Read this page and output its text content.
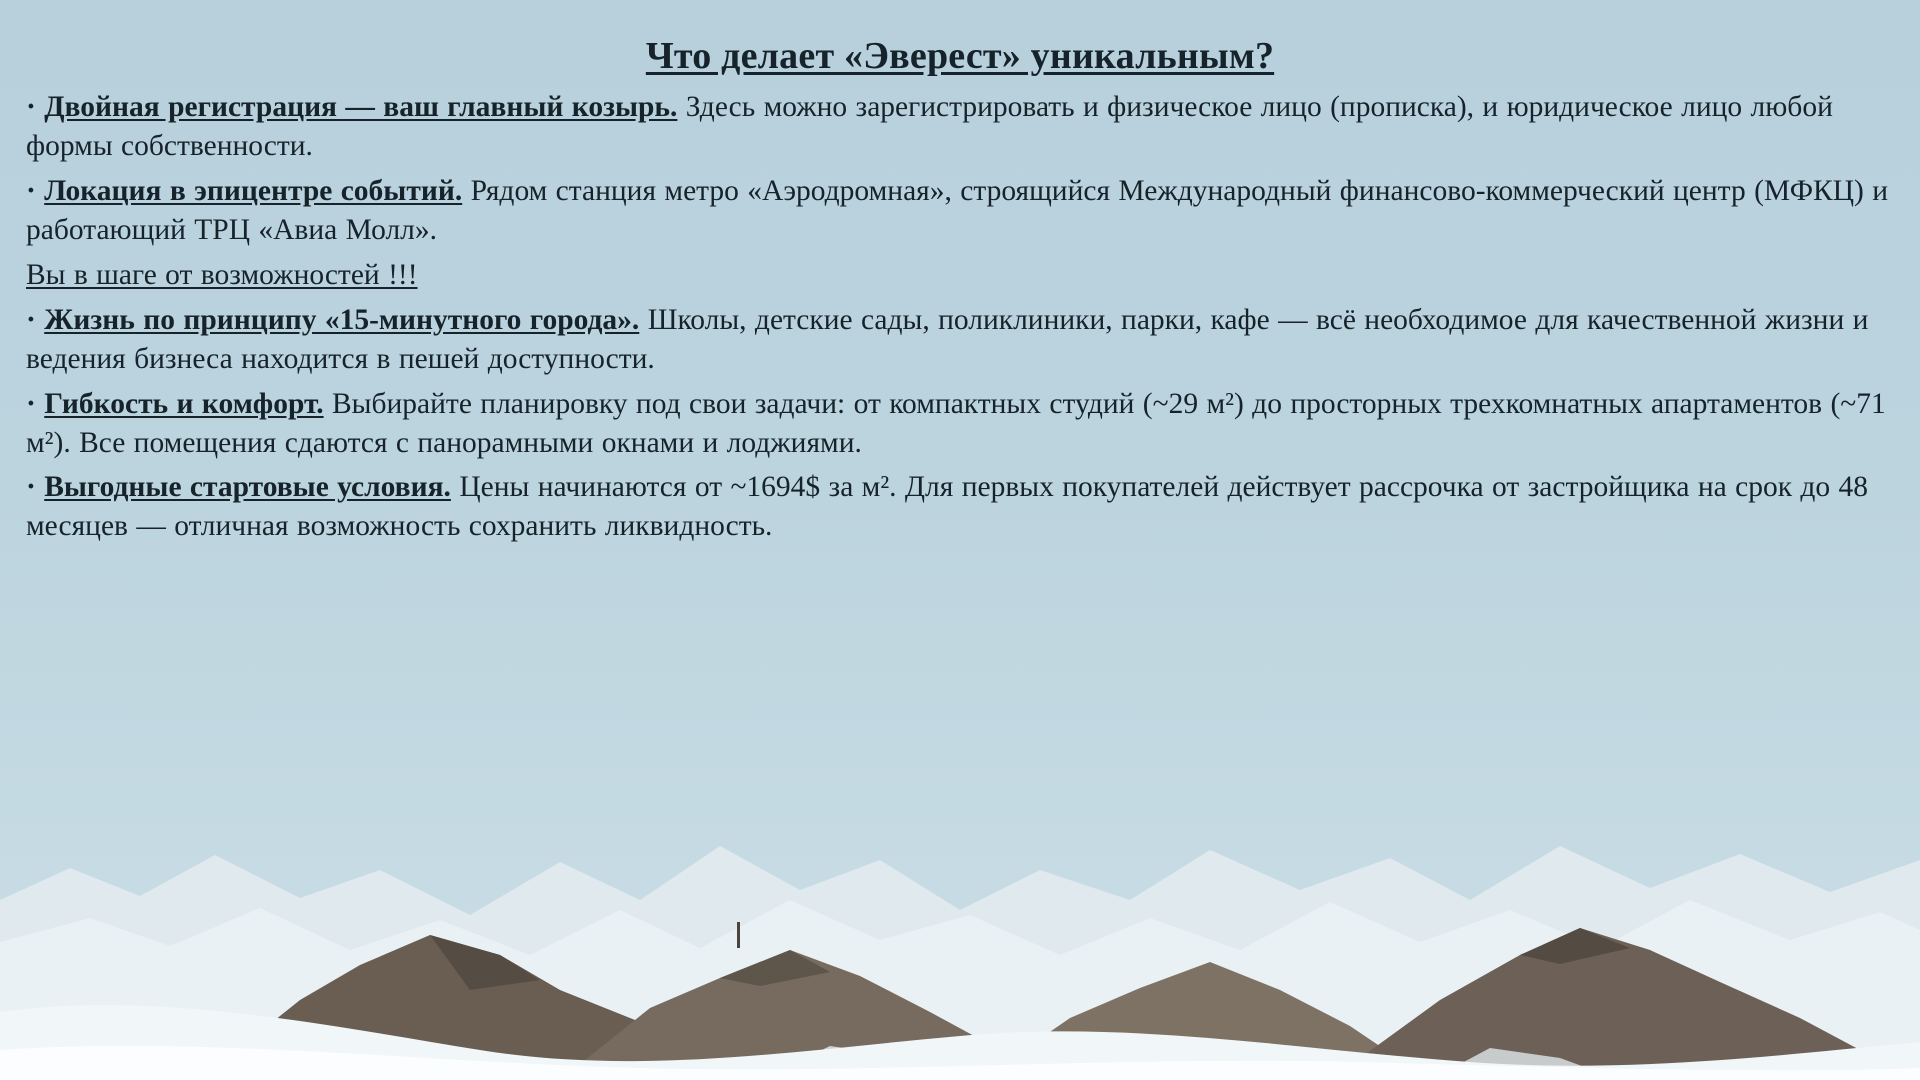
Что делает «Эверест» уникальным?

· Двойная регистрация — ваш главный козырь. Здесь можно зарегистрировать и физическое лицо (прописка), и юридическое лицо любой формы собственности.

· Локация в эпицентре событий. Рядом станция метро «Аэродромная», строящийся Международный финансово-коммерческий центр (МФКЦ) и работающий ТРЦ «Авиа Молл».

Вы в шаге от возможностей !!!

· Жизнь по принципу «15-минутного города». Школы, детские сады, поликлиники, парки, кафе — всё необходимое для качественной жизни и ведения бизнеса находится в пешей доступности.

· Гибкость и комфорт. Выбирайте планировку под свои задачи: от компактных студий (~29 м²) до просторных трехкомнатных апартаментов (~71 м²). Все помещения сдаются с панорамными окнами и лоджиями.

· Выгодные стартовые условия. Цены начинаются от ~1694$ за м². Для первых покупателей действует рассрочка от застройщика на срок до 48 месяцев — отличная возможность сохранить ликвидность.
